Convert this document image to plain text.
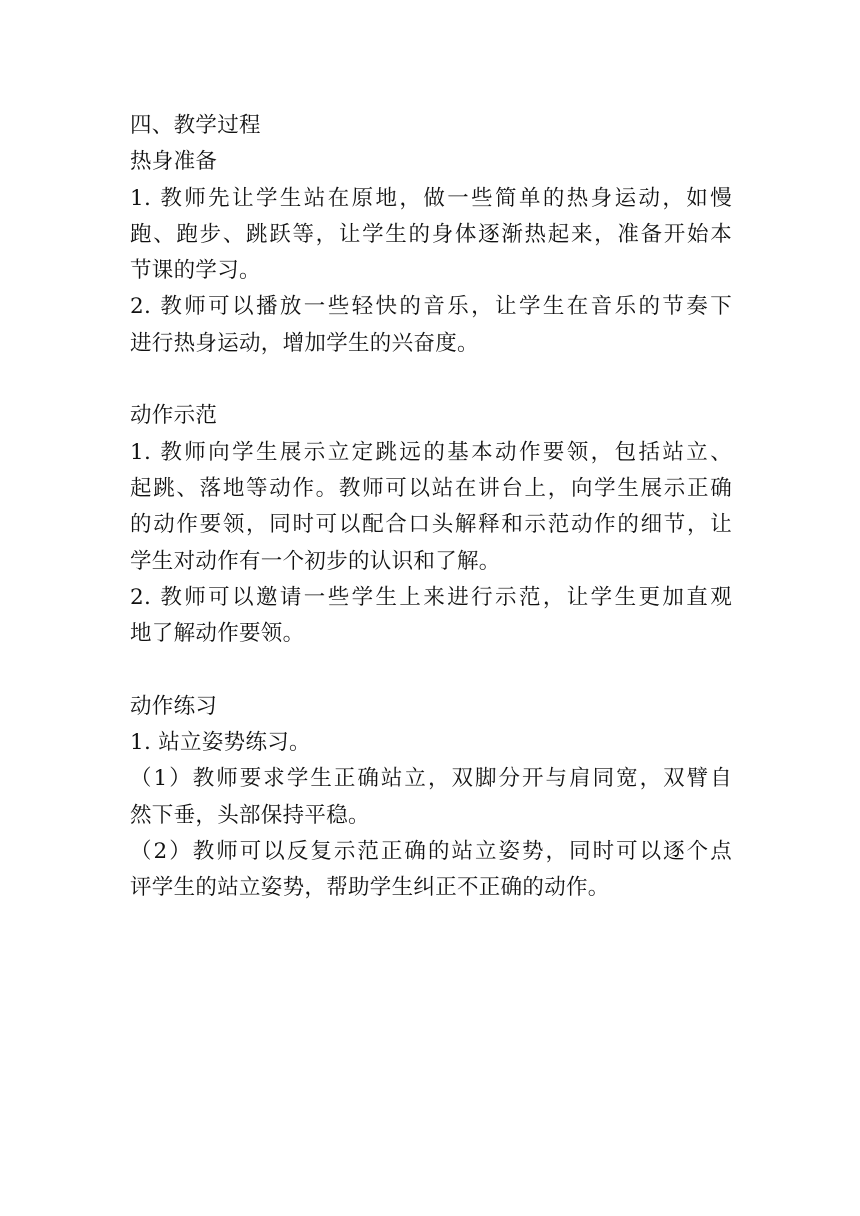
四、教学过程
热身准备
1. 教师先让学生站在原地，做一些简单的热身运动，如慢
跑、跑步、跳跃等，让学生的身体逐渐热起来，准备开始本
节课的学习。
2. 教师可以播放一些轻快的音乐，让学生在音乐的节奏下
进行热身运动，增加学生的兴奋度。
动作示范
1. 教师向学生展示立定跳远的基本动作要领，包括站立、
起跳、落地等动作。教师可以站在讲台上，向学生展示正确
的动作要领，同时可以配合口头解释和示范动作的细节，让
学生对动作有一个初步的认识和了解。
2. 教师可以邀请一些学生上来进行示范，让学生更加直观
地了解动作要领。
动作练习
1. 站立姿势练习。
（1）教师要求学生正确站立，双脚分开与肩同宽，双臂自
然下垂，头部保持平稳。
（2）教师可以反复示范正确的站立姿势，同时可以逐个点
评学生的站立姿势，帮助学生纠正不正确的动作。
